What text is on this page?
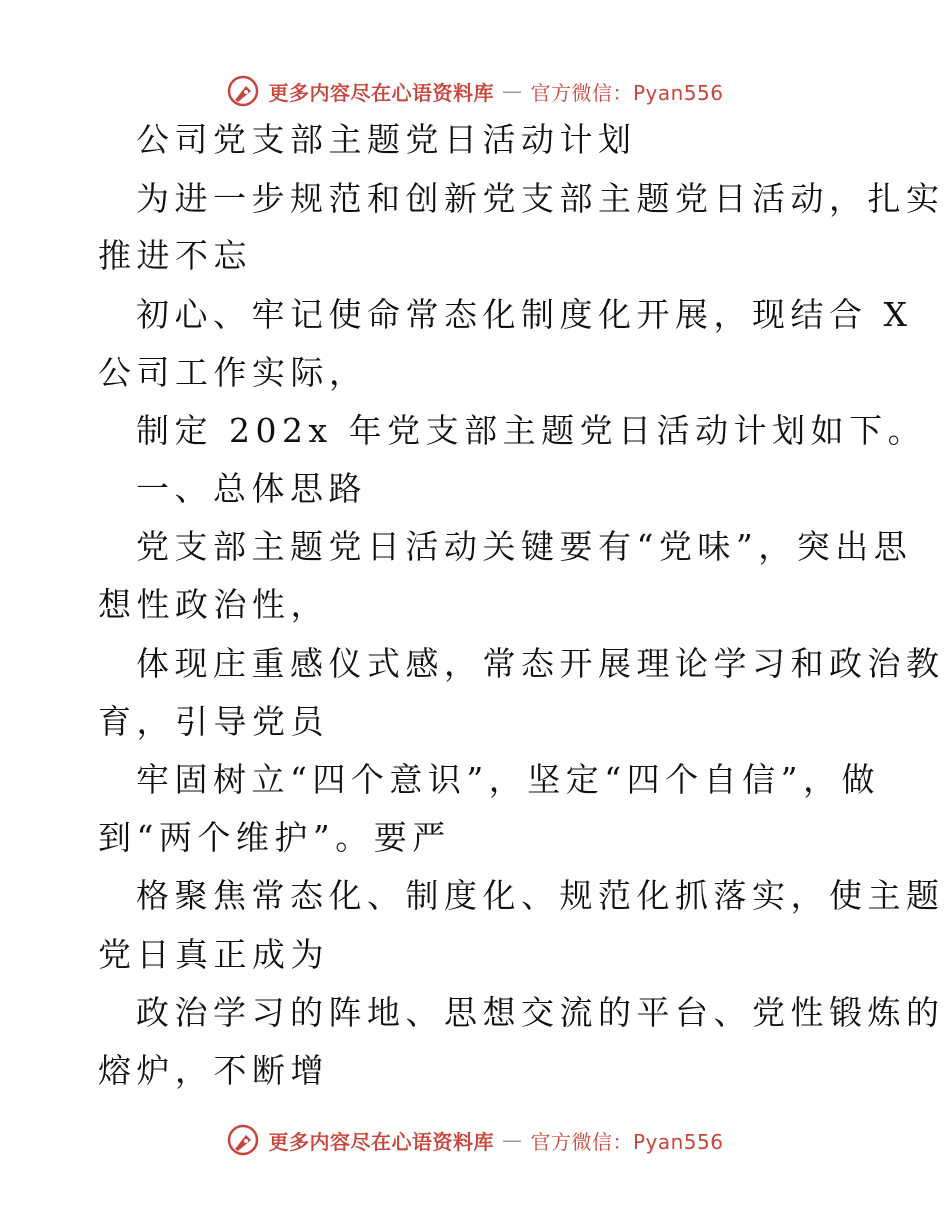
更多内容尽在心语资料库 — 官方微信：Pyan556
公司党支部主题党日活动计划
为进一步规范和创新党支部主题党日活动，扎实
推进不忘
初心、牢记使命常态化制度化开展，现结合 X
公司工作实际，
制定 202x 年党支部主题党日活动计划如下。
一、总体思路
党支部主题党日活动关键要有“党味”，突出思
想性政治性，
体现庄重感仪式感，常态开展理论学习和政治教
育，引导党员
牢固树立“四个意识”，坚定“四个自信”，做
到“两个维护”。要严
格聚焦常态化、制度化、规范化抓落实，使主题
党日真正成为
政治学习的阵地、思想交流的平台、党性锻炼的
熔炉，不断增
更多内容尽在心语资料库 — 官方微信：Pyan556
